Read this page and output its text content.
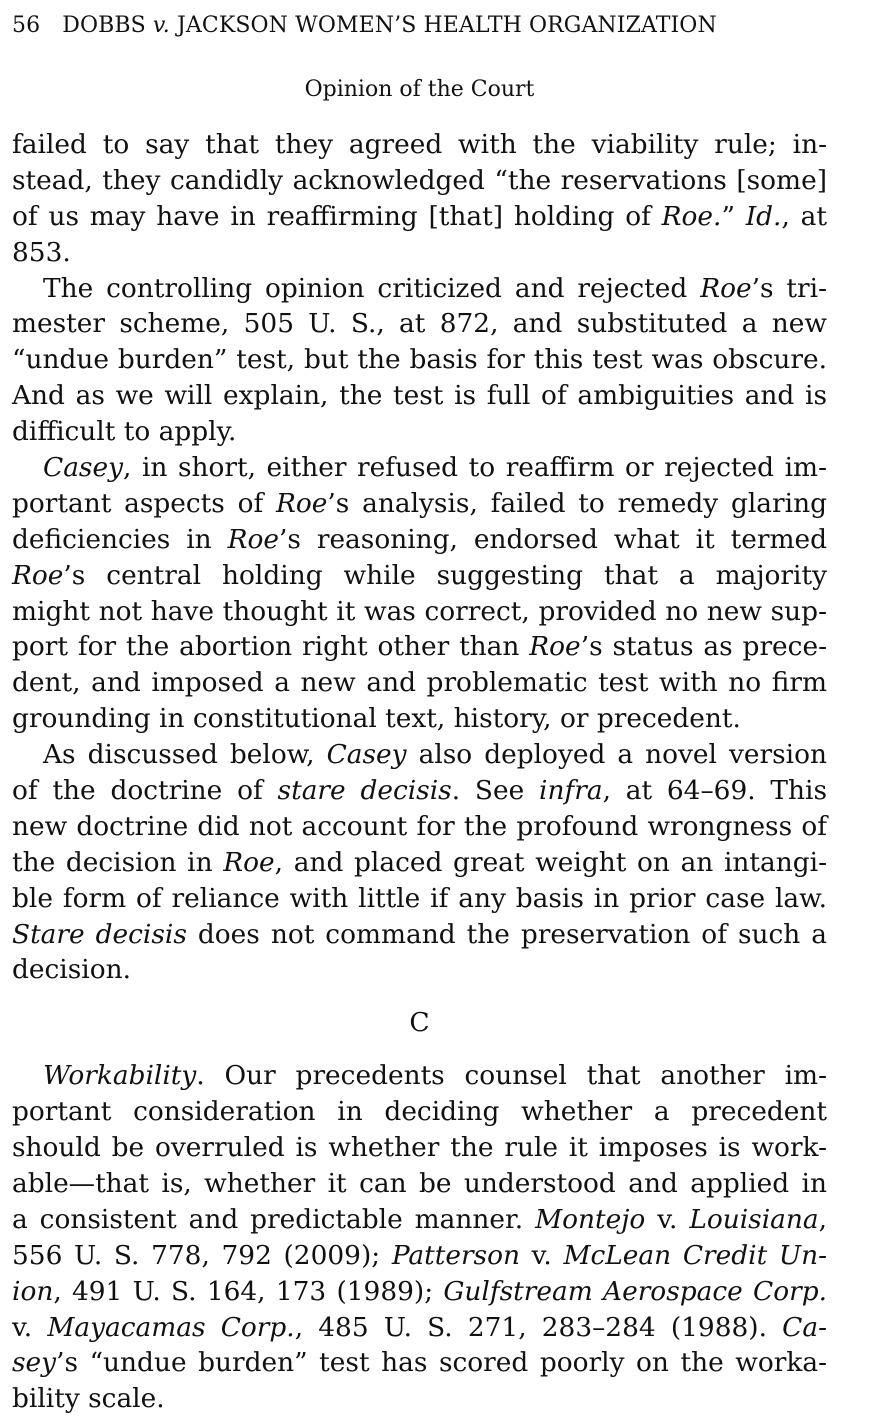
56 DOBBS v. JACKSON WOMEN’S HEALTH ORGANIZATION
Opinion of the Court
failed to say that they agreed with the viability rule; in-
stead, they candidly acknowledged “the reservations [some]
of us may have in reaffirming [that] holding of Roe.” Id., at
853.
The controlling opinion criticized and rejected Roe’s tri-
mester scheme, 505 U. S., at 872, and substituted a new
“undue burden” test, but the basis for this test was obscure.
And as we will explain, the test is full of ambiguities and is
difficult to apply.
Casey, in short, either refused to reaffirm or rejected im-
portant aspects of Roe’s analysis, failed to remedy glaring
deficiencies in Roe’s reasoning, endorsed what it termed
Roe’s central holding while suggesting that a majority
might not have thought it was correct, provided no new sup-
port for the abortion right other than Roe’s status as prece-
dent, and imposed a new and problematic test with no firm
grounding in constitutional text, history, or precedent.
As discussed below, Casey also deployed a novel version
of the doctrine of stare decisis. See infra, at 64–69. This
new doctrine did not account for the profound wrongness of
the decision in Roe, and placed great weight on an intangi-
ble form of reliance with little if any basis in prior case law.
Stare decisis does not command the preservation of such a
decision.
C
Workability. Our precedents counsel that another im-
portant consideration in deciding whether a precedent
should be overruled is whether the rule it imposes is work-
able—that is, whether it can be understood and applied in
a consistent and predictable manner. Montejo v. Louisiana,
556 U. S. 778, 792 (2009); Patterson v. McLean Credit Un-
ion, 491 U. S. 164, 173 (1989); Gulfstream Aerospace Corp.
v. Mayacamas Corp., 485 U. S. 271, 283–284 (1988). Ca-
sey’s “undue burden” test has scored poorly on the worka-
bility scale.
